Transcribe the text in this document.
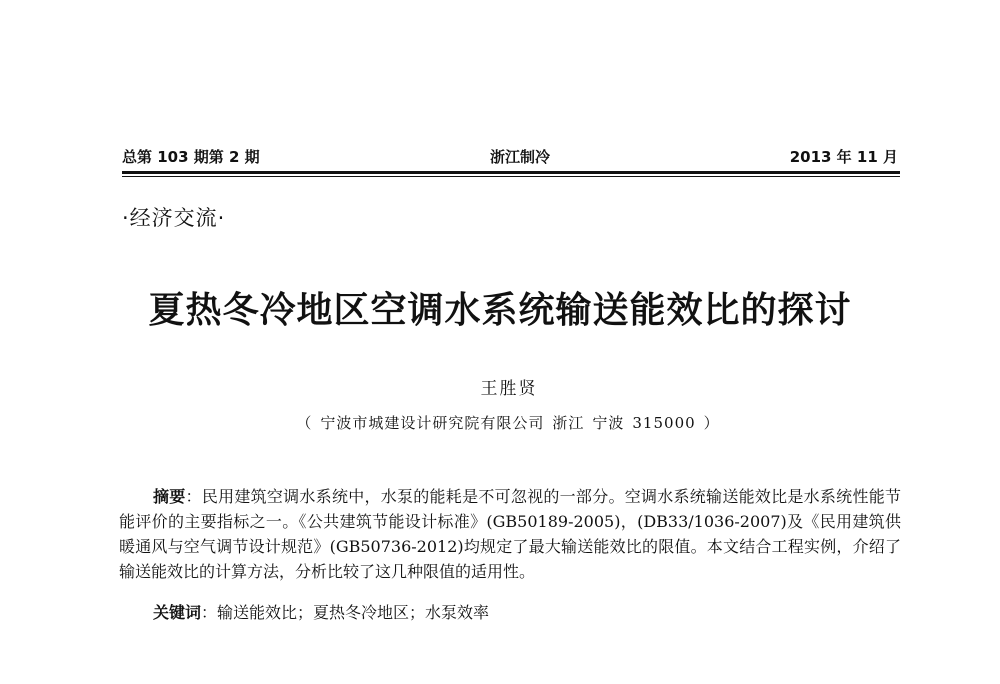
总第 103 期第 2 期	浙江制冷	2013 年 11 月
·经济交流·
夏热冬冷地区空调水系统输送能效比的探讨
王胜贤
（ 宁波市城建设计研究院有限公司 浙江 宁波 315000 ）

摘要：民用建筑空调水系统中，水泵的能耗是不可忽视的一部分。空调水系统输送能效比是水系统性能节能评价的主要指标之一。《公共建筑节能设计标准》(GB50189-2005)，(DB33/1036-2007)及《民用建筑供暖通风与空气调节设计规范》(GB50736-2012)均规定了最大输送能效比的限值。本文结合工程实例，介绍了输送能效比的计算方法，分析比较了这几种限值的适用性。

关键词：输送能效比；夏热冬冷地区；水泵效率
